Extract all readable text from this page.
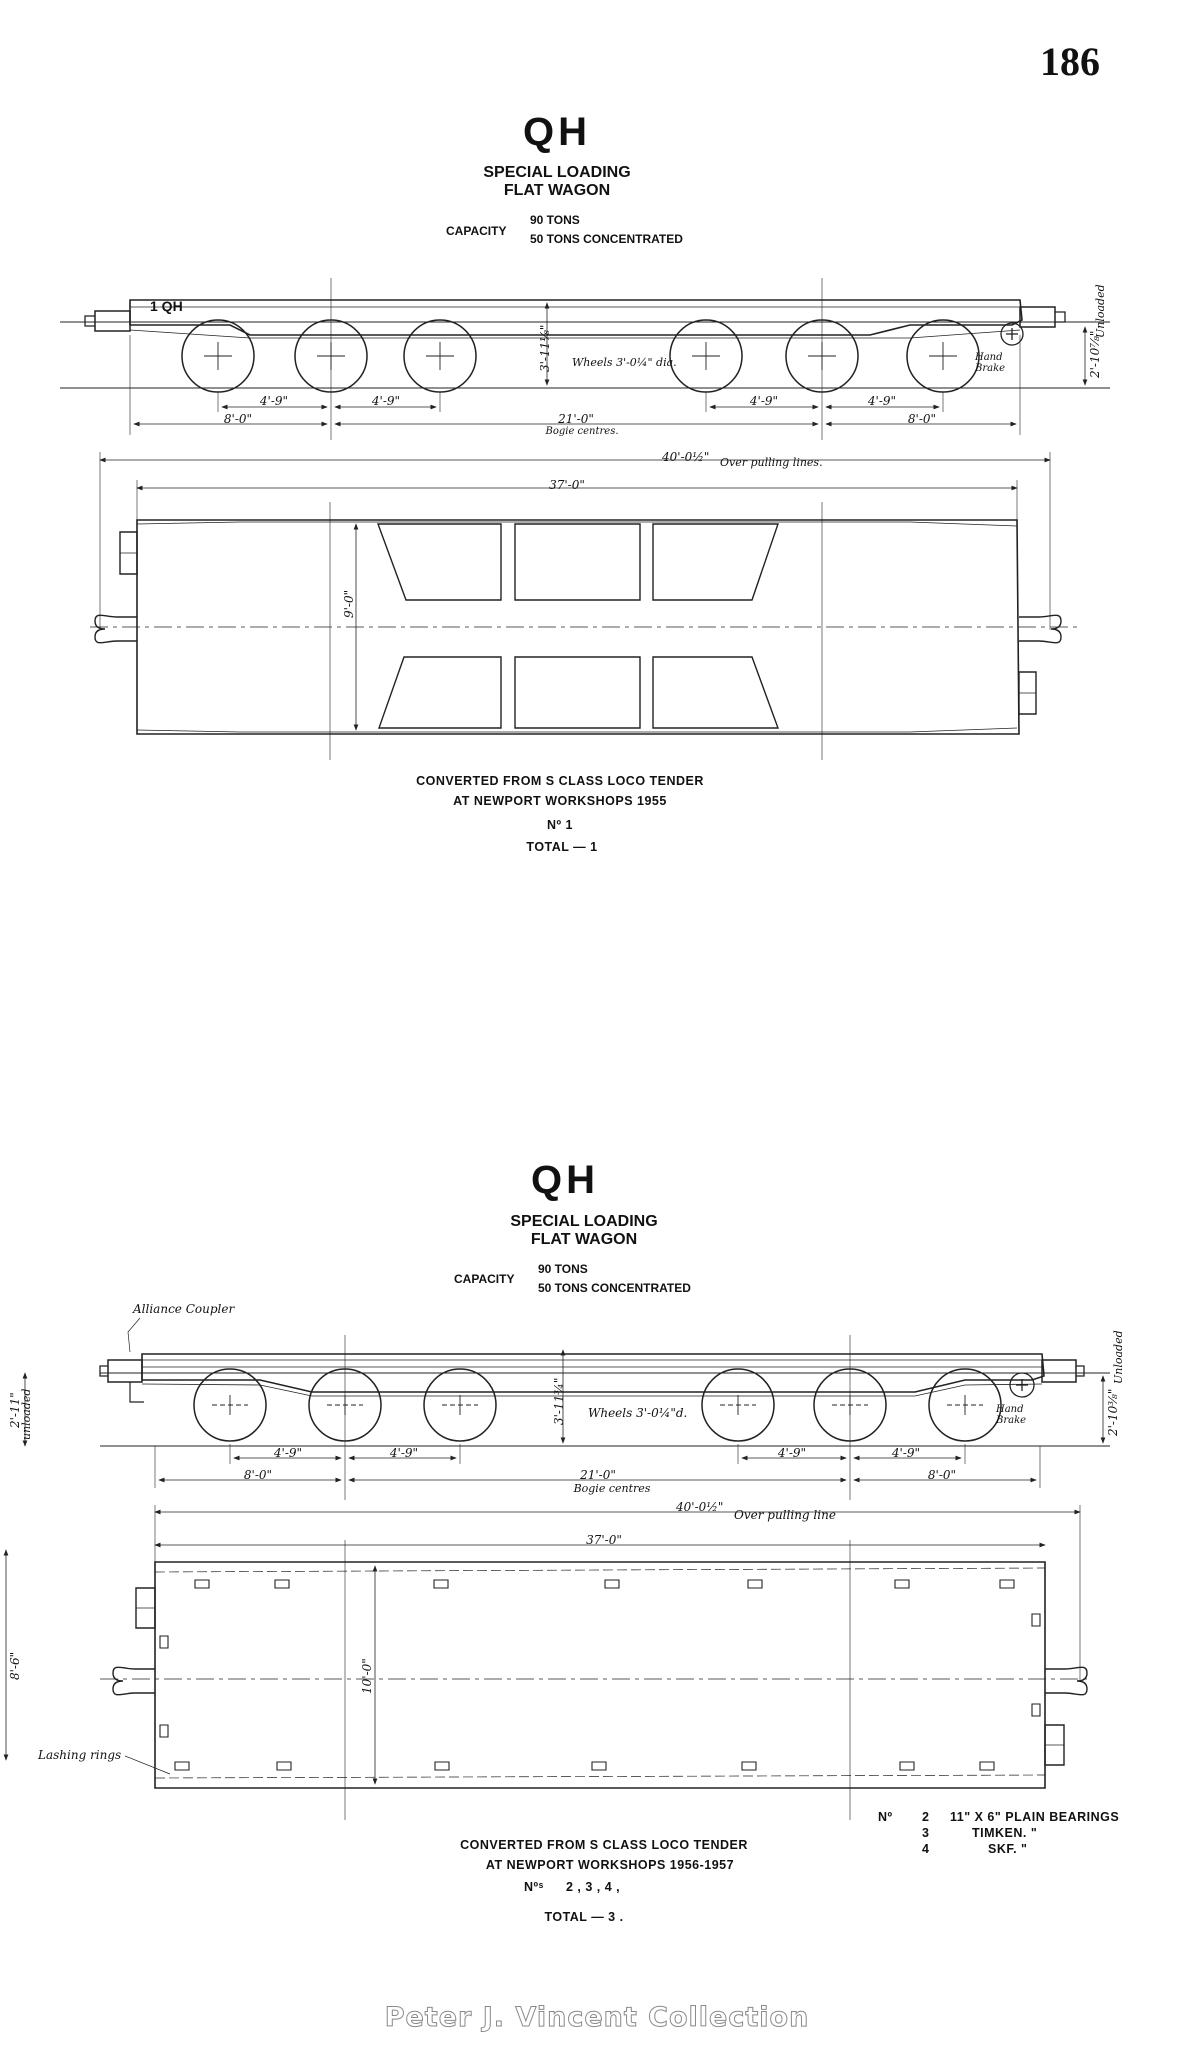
186
QH
SPECIAL LOADING
FLAT WAGON
CAPACITY
90 TONS
50 TONS CONCENTRATED
1 QH
3'-11⅛" Wheels 3'-0¼" dia.	Hand
Brake	2'-10⅞"
Unloaded
4'-9"	4'-9"	4'-9"	4'-9"
8'-0"	21'-0"
Bogie centres.
8'-0"
40'-0½" Over pulling lines.
37'-0"
9'-0"
CONVERTED FROM S CLASS LOCO TENDER
AT NEWPORT WORKSHOPS 1955
Nº 1
TOTAL — 1
QH
SPECIAL LOADING
FLAT WAGON
CAPACITY
90 TONS
50 TONS CONCENTRATED
Alliance Coupler
3'-11¾" Wheels 3'-0¼"d.	Hand
Brake	2'-10⅜"
Unloaded
2'-11"
unloaded
4'-9"	4'-9"	4'-9"	4'-9"
8'-0"	21'-0"
Bogie centres
8'-0"
40'-0½"
Over pulling line
37'-0"
10'-0"
8'-6"
Lashing rings
Nº 2 11" X 6" PLAIN BEARINGS
3	TIMKEN. "
4	SKF. "
CONVERTED FROM S CLASS LOCO TENDER
AT NEWPORT WORKSHOPS 1956-1957
Nºˢ 2 , 3 , 4 ,
TOTAL — 3 .
Peter J. Vincent Collection
